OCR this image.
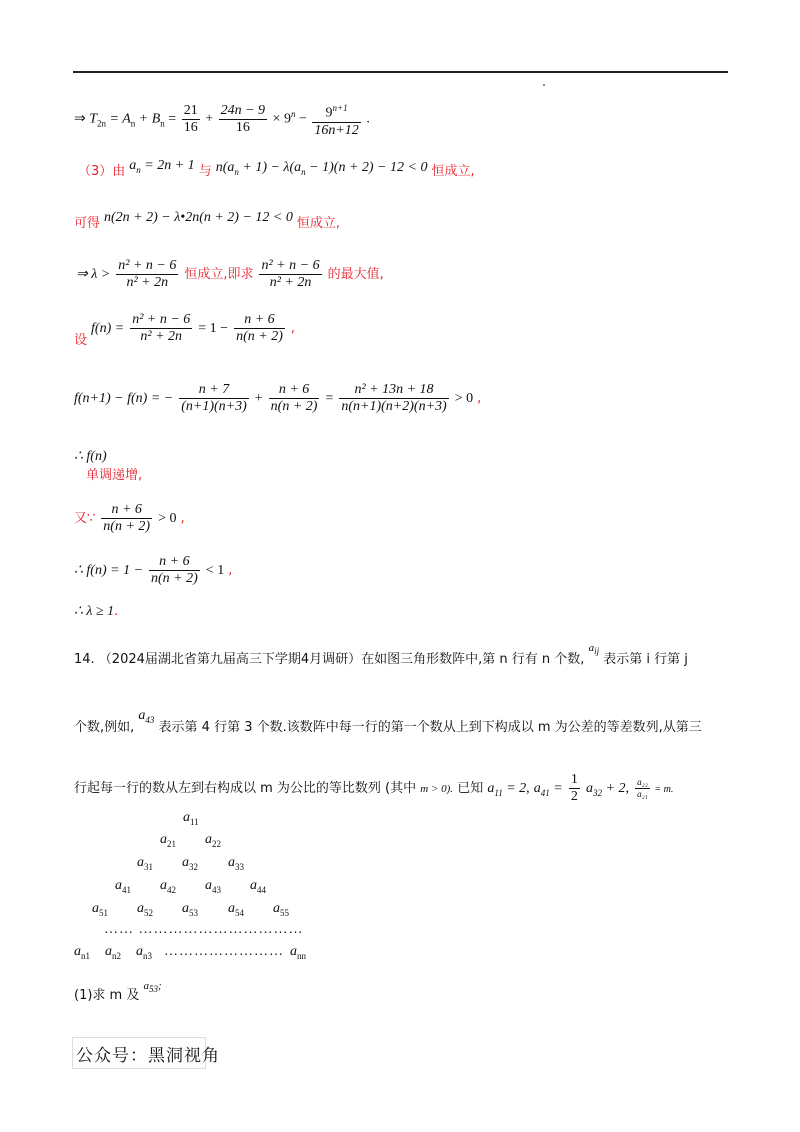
⇒ $T_{2n} = A_n + B_n = \frac{21}{16} + \frac{24n - 9}{16} \times 9^n - \frac{9^{n+1}}{16n+12}$ .
（3）由 $a_n = 2n + 1$ 与 $n(a_n + 1) - \lambda(a_n - 1)(n + 2) - 12 < 0$ 恒成立,
可得 n(2n + 2) − λ•2n(n + 2) − 12 < 0 恒成立,
⇒ $\lambda > \frac{\text{n² + n − 6}}{\text{n² + 2n}}$ 恒成立,即求 $\frac{\text{n² + n − 6}}{\text{n² + 2n}}$ 的最大值,
$_设$ $f(n) = \frac{\text{n² + n − 6}}{\text{n² + 2n}} = 1 - \frac{n + 6}{n(n + 2)}$ ,
f(n+1) − f(n) = − $\frac{n + 7}{(n+1)(n+3)} + \frac{n + 6}{n(n + 2)} = \frac{\text{n² + 13n + 18}}{n(n+1)(n+2)(n+3)} > 0$ ,
∴ f(n)
单调递增,
又∵ $\frac{n + 6}{n(n + 2)} > 0$ ,
∴ $f(n) = 1 - \frac{n + 6}{n(n + 2)} < 1$ ,
∴ λ ≥ 1.
14. （2024届湖北省第九届高三下学期4月调研）在如图三角形数阵中,第 n 行有 n 个数, $^{a_{ij}}$ 表示第 i 行第 j
个数,例如, $a_{43}$ 表示第 4 行第 3 个数.该数阵中每一行的第一个数从上到下构成以 m 为公差的等差数列,从第三
行起每一行的数从左到右构成以 m 为公比的等比数列 (其中 m > 0). 已知 $a_{11} = 2$, $a_{41} = \frac{1}{2} a_{32} + 2$, $\frac{\text{a₂₂}}{\text{a₂₁}} = m$.
$a_{11}$
$a_{21}$ $a_{22}$
$a_{31}$ $a_{32}$ $a_{33}$
$a_{41}$ $a_{42}$ $a_{43}$ $a_{44}$
$a_{51}$ $a_{52}$ $a_{53}$ $a_{54}$ $a_{55}$
…… ……………………………
$a_{n1}$ $a_{n2}$ $a_{n3}$ …………………… $a_{nn}$
(1)求 m 及 $^{a_{53};}$
公众号：黑洞视角
